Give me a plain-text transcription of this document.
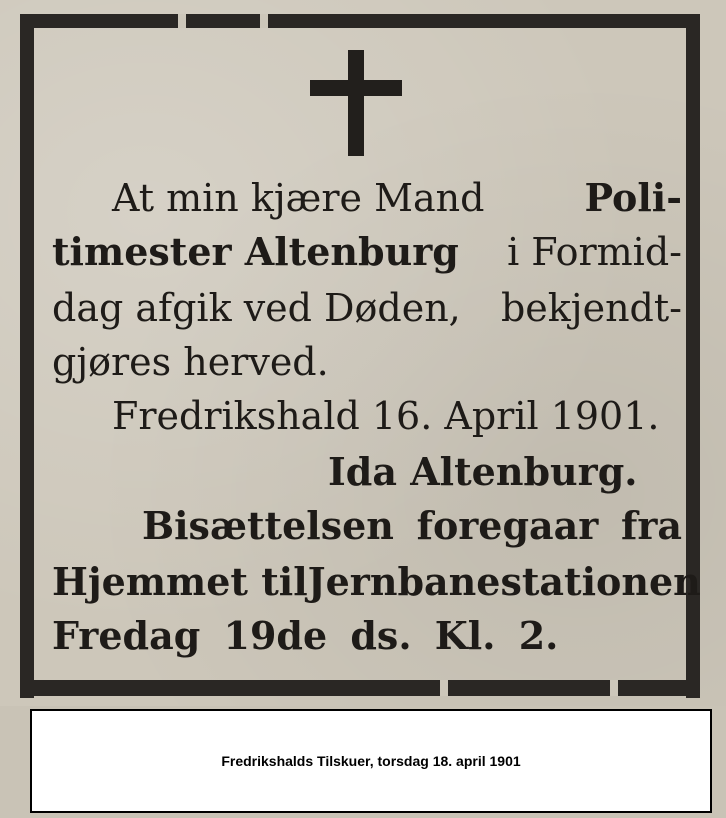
At min kjære Mand	Poli-
timester Altenburg i Formid-
dag afgik ved Døden, bekjendt-
gjøres herved.
Fredrikshald 16. April 1901.
Ida Altenburg.
Bisættelsen foregaar fra
Hjemmet til Jernbanestationen
Fredag 19de ds. Kl. 2.
Fredrikshalds Tilskuer, torsdag 18. april 1901
